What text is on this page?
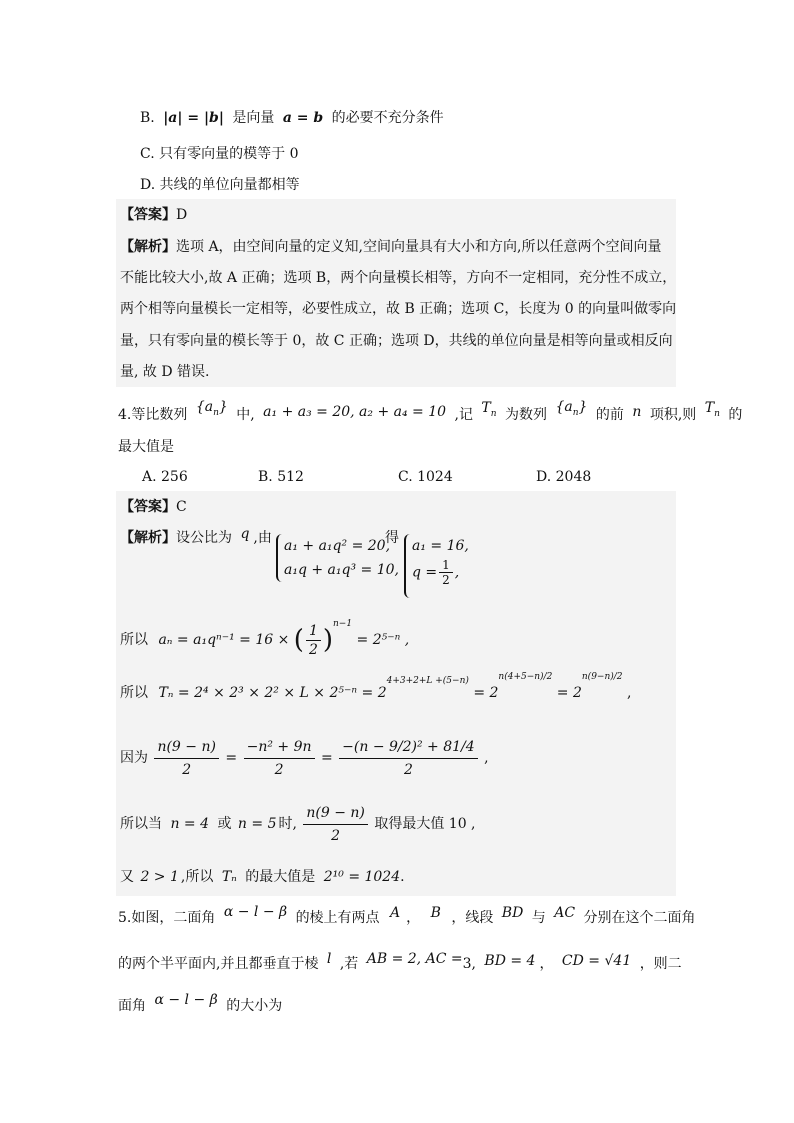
B. |a| = |b| 是向量 a = b 的必要不充分条件
C. 只有零向量的模等于 0
D. 共线的单位向量都相等
【答案】D
【解析】选项 A，由空间向量的定义知,空间向量具有大小和方向,所以任意两个空间向量
不能比较大小,故 A 正确；选项 B，两个向量模长相等，方向不一定相同，充分性不成立，
两个相等向量模长一定相等，必要性成立，故 B 正确；选项 C，长度为 0 的向量叫做零向
量，只有零向量的模长等于 0，故 C 正确；选项 D，共线的单位向量是相等向量或相反向
量, 故 D 错误.
4.等比数列 $\{a_n\}$ 中, a₁ + a₃ = 20, a₂ + a₄ = 10 ,记 $T_n$ 为数列 $\{a_n\}$ 的前 n 项积,则 $T_n$ 的
最大值是
A. 256	B. 512	C. 1024	D. 2048
【答案】C
【解析】设公比为 q ,由 a₁ + a₁q² = 20,
a₁q + a₁q³ = 10,
得 a₁ = 16,
$q = \frac{1}{2}$ ,
所以 aₙ = a₁qⁿ⁻¹ = 16 × ( $\frac{1}{2} )^{n-1} = 2^{5-n}$ ,
所以 $T_n = 2^4 \times 2^3 \times 2^2 \times L \times 2^{5-n} = 2^{4+3+2+L +(5-n)} = 2^{n(4+5-n)/2} = 2^{n(9-n)/2}$ ,
因为 $\frac{n(9 - n)}{2} = \frac{\text{−n² + 9n}}{2} = \frac{\text{−(n − 9/2)² + 81/4}}{2}$ ,
所以当 n = 4 或 n = 5 时, $\frac{n(9 - n)}{2}$ 取得最大值 10 ,
又 2 > 1 ,所以 Tₙ 的最大值是 2¹⁰ = 1024.
5.如图，二面角 α − l − β 的棱上有两点 A ， B ，线段 BD 与 AC 分别在这个二面角
的两个半平面内,并且都垂直于棱 l ,若 AB = 2, AC =3, BD = 4 ， CD = √41 ，则二
面角 α − l − β 的大小为
